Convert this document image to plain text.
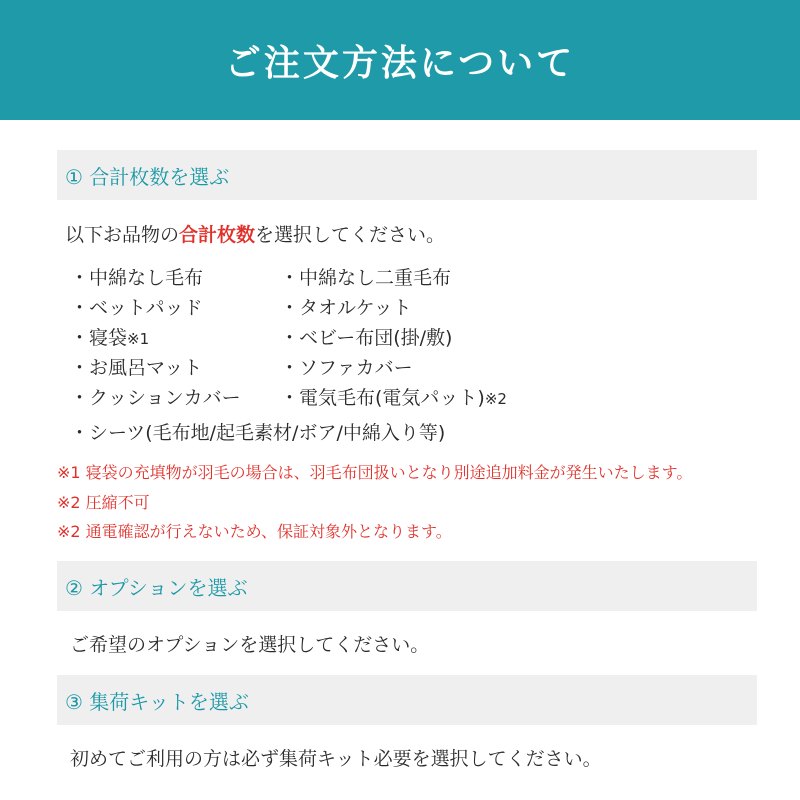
ご注文方法について
① 合計枚数を選ぶ
以下お品物の合計枚数を選択してください。
・中綿なし毛布
・ベットパッド
・寝袋※1
・お風呂マット
・クッションカバー
・中綿なし二重毛布
・タオルケット
・ベビー布団(掛/敷)
・ソファカバー
・電気毛布(電気パット)※2
・シーツ(毛布地/起毛素材/ボア/中綿入り等)
※1 寝袋の充填物が羽毛の場合は、羽毛布団扱いとなり別途追加料金が発生いたします。
※2 圧縮不可
※2 通電確認が行えないため、保証対象外となります。
② オプションを選ぶ
ご希望のオプションを選択してください。
③ 集荷キットを選ぶ
初めてご利用の方は必ず集荷キット必要を選択してください。
